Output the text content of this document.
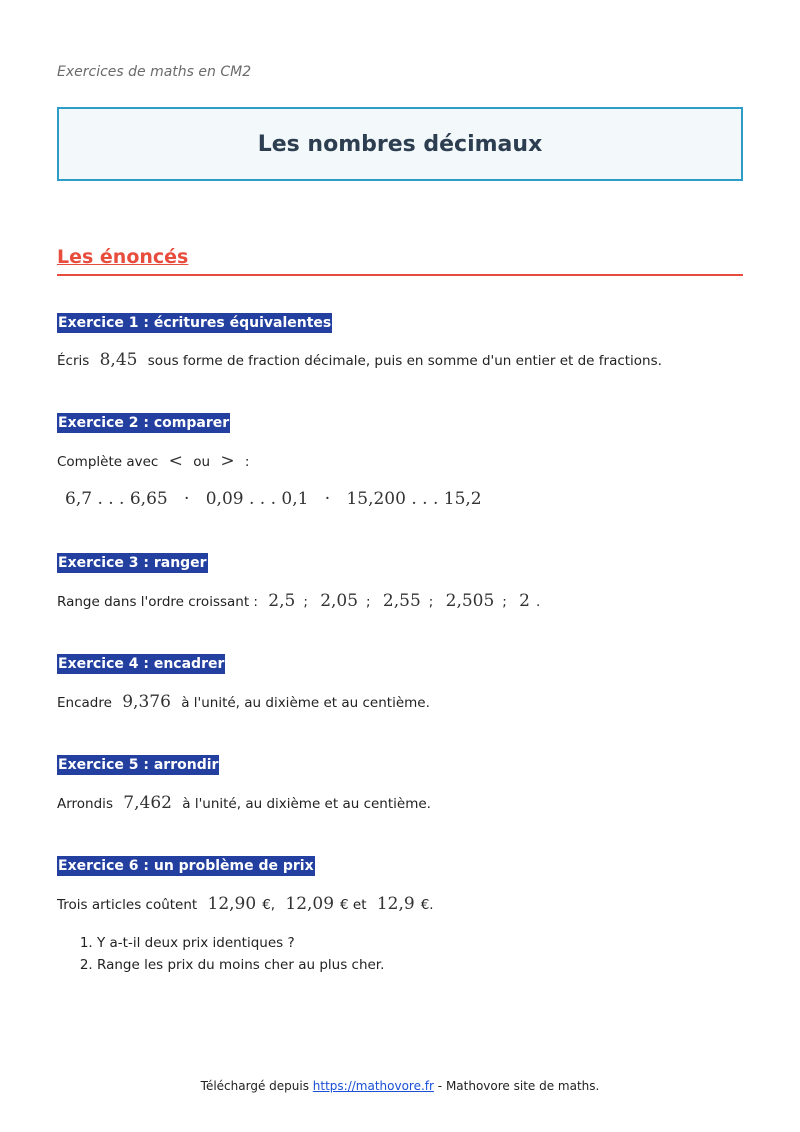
Exercices de maths en CM2
Les nombres décimaux
Les énoncés
Exercice 1 : écritures équivalentes
Écris 8,45 sous forme de fraction décimale, puis en somme d'un entier et de fractions.
Exercice 2 : comparer
Complète avec < ou > :
6,7 . . . 6,65 · 0,09 . . . 0,1 · 15,200 . . . 15,2
Exercice 3 : ranger
Range dans l'ordre croissant : 2,5 ; 2,05 ; 2,55 ; 2,505 ; 2 .
Exercice 4 : encadrer
Encadre 9,376 à l'unité, au dixième et au centième.
Exercice 5 : arrondir
Arrondis 7,462 à l'unité, au dixième et au centième.
Exercice 6 : un problème de prix
Trois articles coûtent 12,90 €, 12,09 € et 12,9 €.
1. Y a-t-il deux prix identiques ?
2. Range les prix du moins cher au plus cher.
Téléchargé depuis https://mathovore.fr - Mathovore site de maths.
